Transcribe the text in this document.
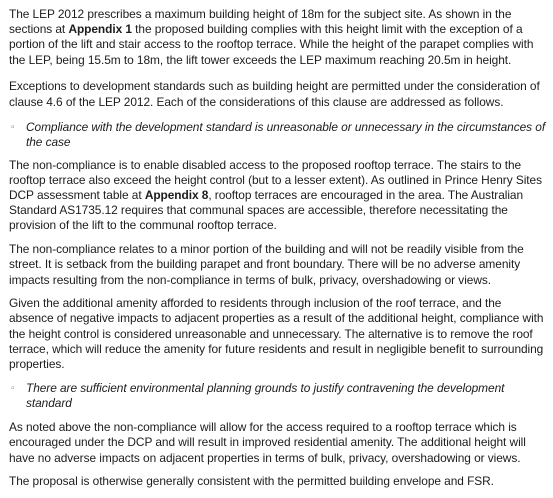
The LEP 2012 prescribes a maximum building height of 18m for the subject site. As shown in the sections at Appendix 1 the proposed building complies with this height limit with the exception of a portion of the lift and stair access to the rooftop terrace. While the height of the parapet complies with the LEP, being 15.5m to 18m, the lift tower exceeds the LEP maximum reaching 20.5m in height.

Exceptions to development standards such as building height are permitted under the consideration of clause 4.6 of the LEP 2012. Each of the considerations of this clause are addressed as follows.

▫ Compliance with the development standard is unreasonable or unnecessary in the circumstances of the case

The non-compliance is to enable disabled access to the proposed rooftop terrace. The stairs to the rooftop terrace also exceed the height control (but to a lesser extent). As outlined in Prince Henry Sites DCP assessment table at Appendix 8, rooftop terraces are encouraged in the area. The Australian Standard AS1735.12 requires that communal spaces are accessible, therefore necessitating the provision of the lift to the communal rooftop terrace.

The non-compliance relates to a minor portion of the building and will not be readily visible from the street. It is setback from the building parapet and front boundary. There will be no adverse amenity impacts resulting from the non-compliance in terms of bulk, privacy, overshadowing or views.

Given the additional amenity afforded to residents through inclusion of the roof terrace, and the absence of negative impacts to adjacent properties as a result of the additional height, compliance with the height control is considered unreasonable and unnecessary. The alternative is to remove the roof terrace, which will reduce the amenity for future residents and result in negligible benefit to surrounding properties.

▫ There are sufficient environmental planning grounds to justify contravening the development standard

As noted above the non-compliance will allow for the access required to a rooftop terrace which is encouraged under the DCP and will result in improved residential amenity. The additional height will have no adverse impacts on adjacent properties in terms of bulk, privacy, overshadowing or views.

The proposal is otherwise generally consistent with the permitted building envelope and FSR.
